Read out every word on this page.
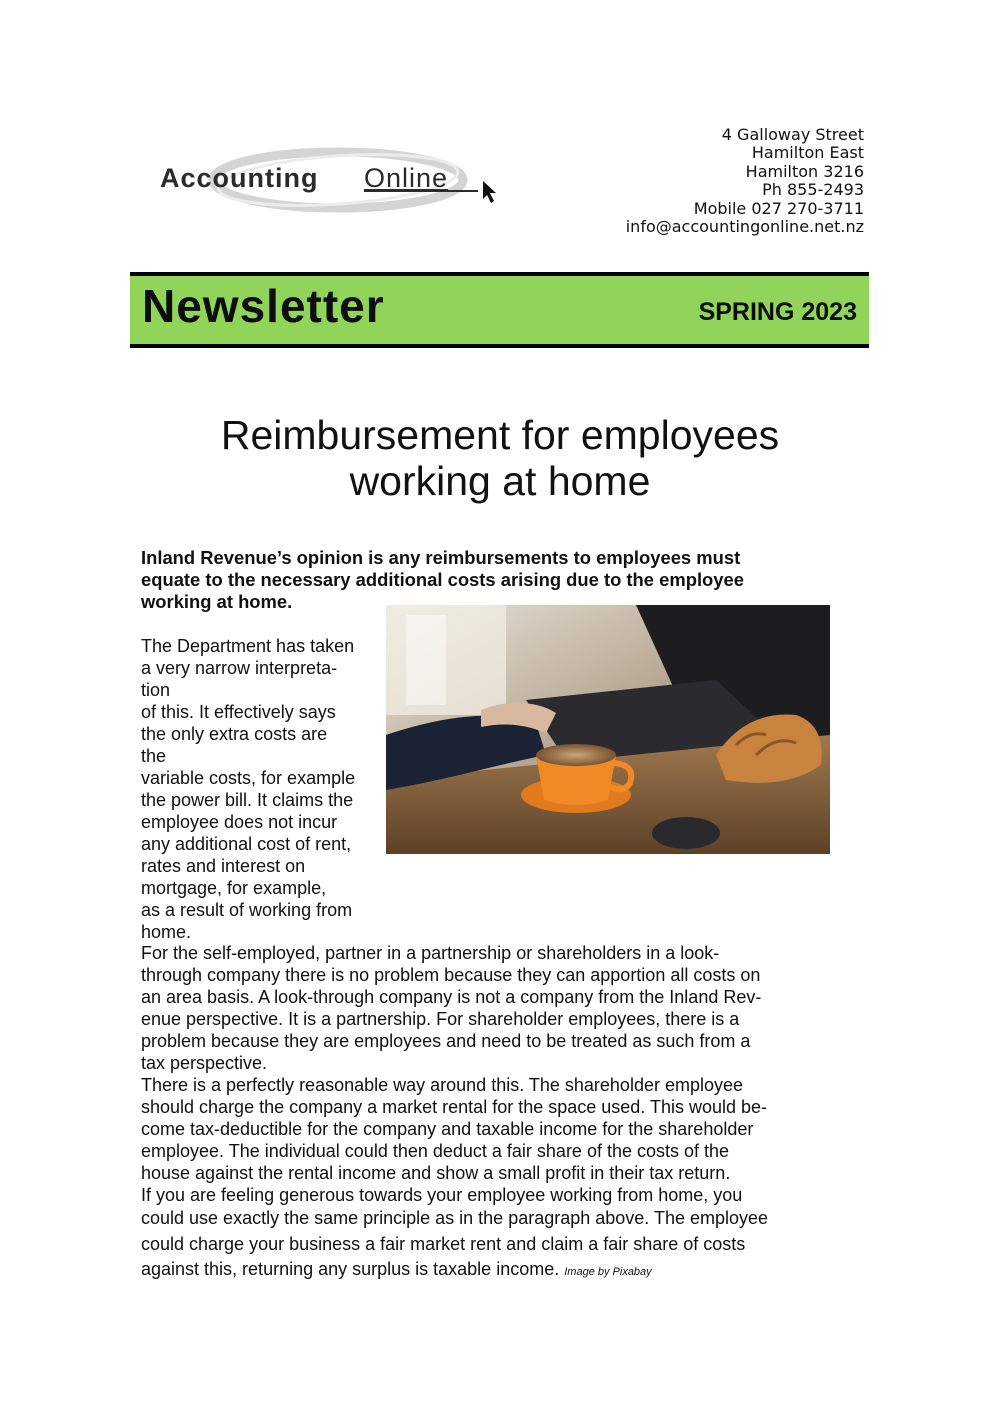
Accounting Online
4 Galloway Street
Hamilton East
Hamilton 3216
Ph 855-2493
Mobile 027 270-3711
info@accountingonline.net.nz
Newsletter	SPRING 2023
Reimbursement for employees
working at home
Inland Revenue’s opinion is any reimbursements to employees must
equate to the necessary additional costs arising due to the employee
working at home.
The Department has taken
a very narrow interpreta-
tion
of this. It effectively says
the only extra costs are
the
variable costs, for example
the power bill. It claims the
employee does not incur
any additional cost of rent,
rates and interest on
mortgage, for example,
as a result of working from
home.
For the self-employed, partner in a partnership or shareholders in a look-
through company there is no problem because they can apportion all costs on
an area basis. A look-through company is not a company from the Inland Rev-
enue perspective. It is a partnership. For shareholder employees, there is a
problem because they are employees and need to be treated as such from a
tax perspective.
There is a perfectly reasonable way around this. The shareholder employee
should charge the company a market rental for the space used. This would be-
come tax-deductible for the company and taxable income for the shareholder
employee. The individual could then deduct a fair share of the costs of the
house against the rental income and show a small profit in their tax return.
If you are feeling generous towards your employee working from home, you
could use exactly the same principle as in the paragraph above. The employee
could charge your business a fair market rent and claim a fair share of costs
against this, returning any surplus is taxable income. Image by Pixabay
